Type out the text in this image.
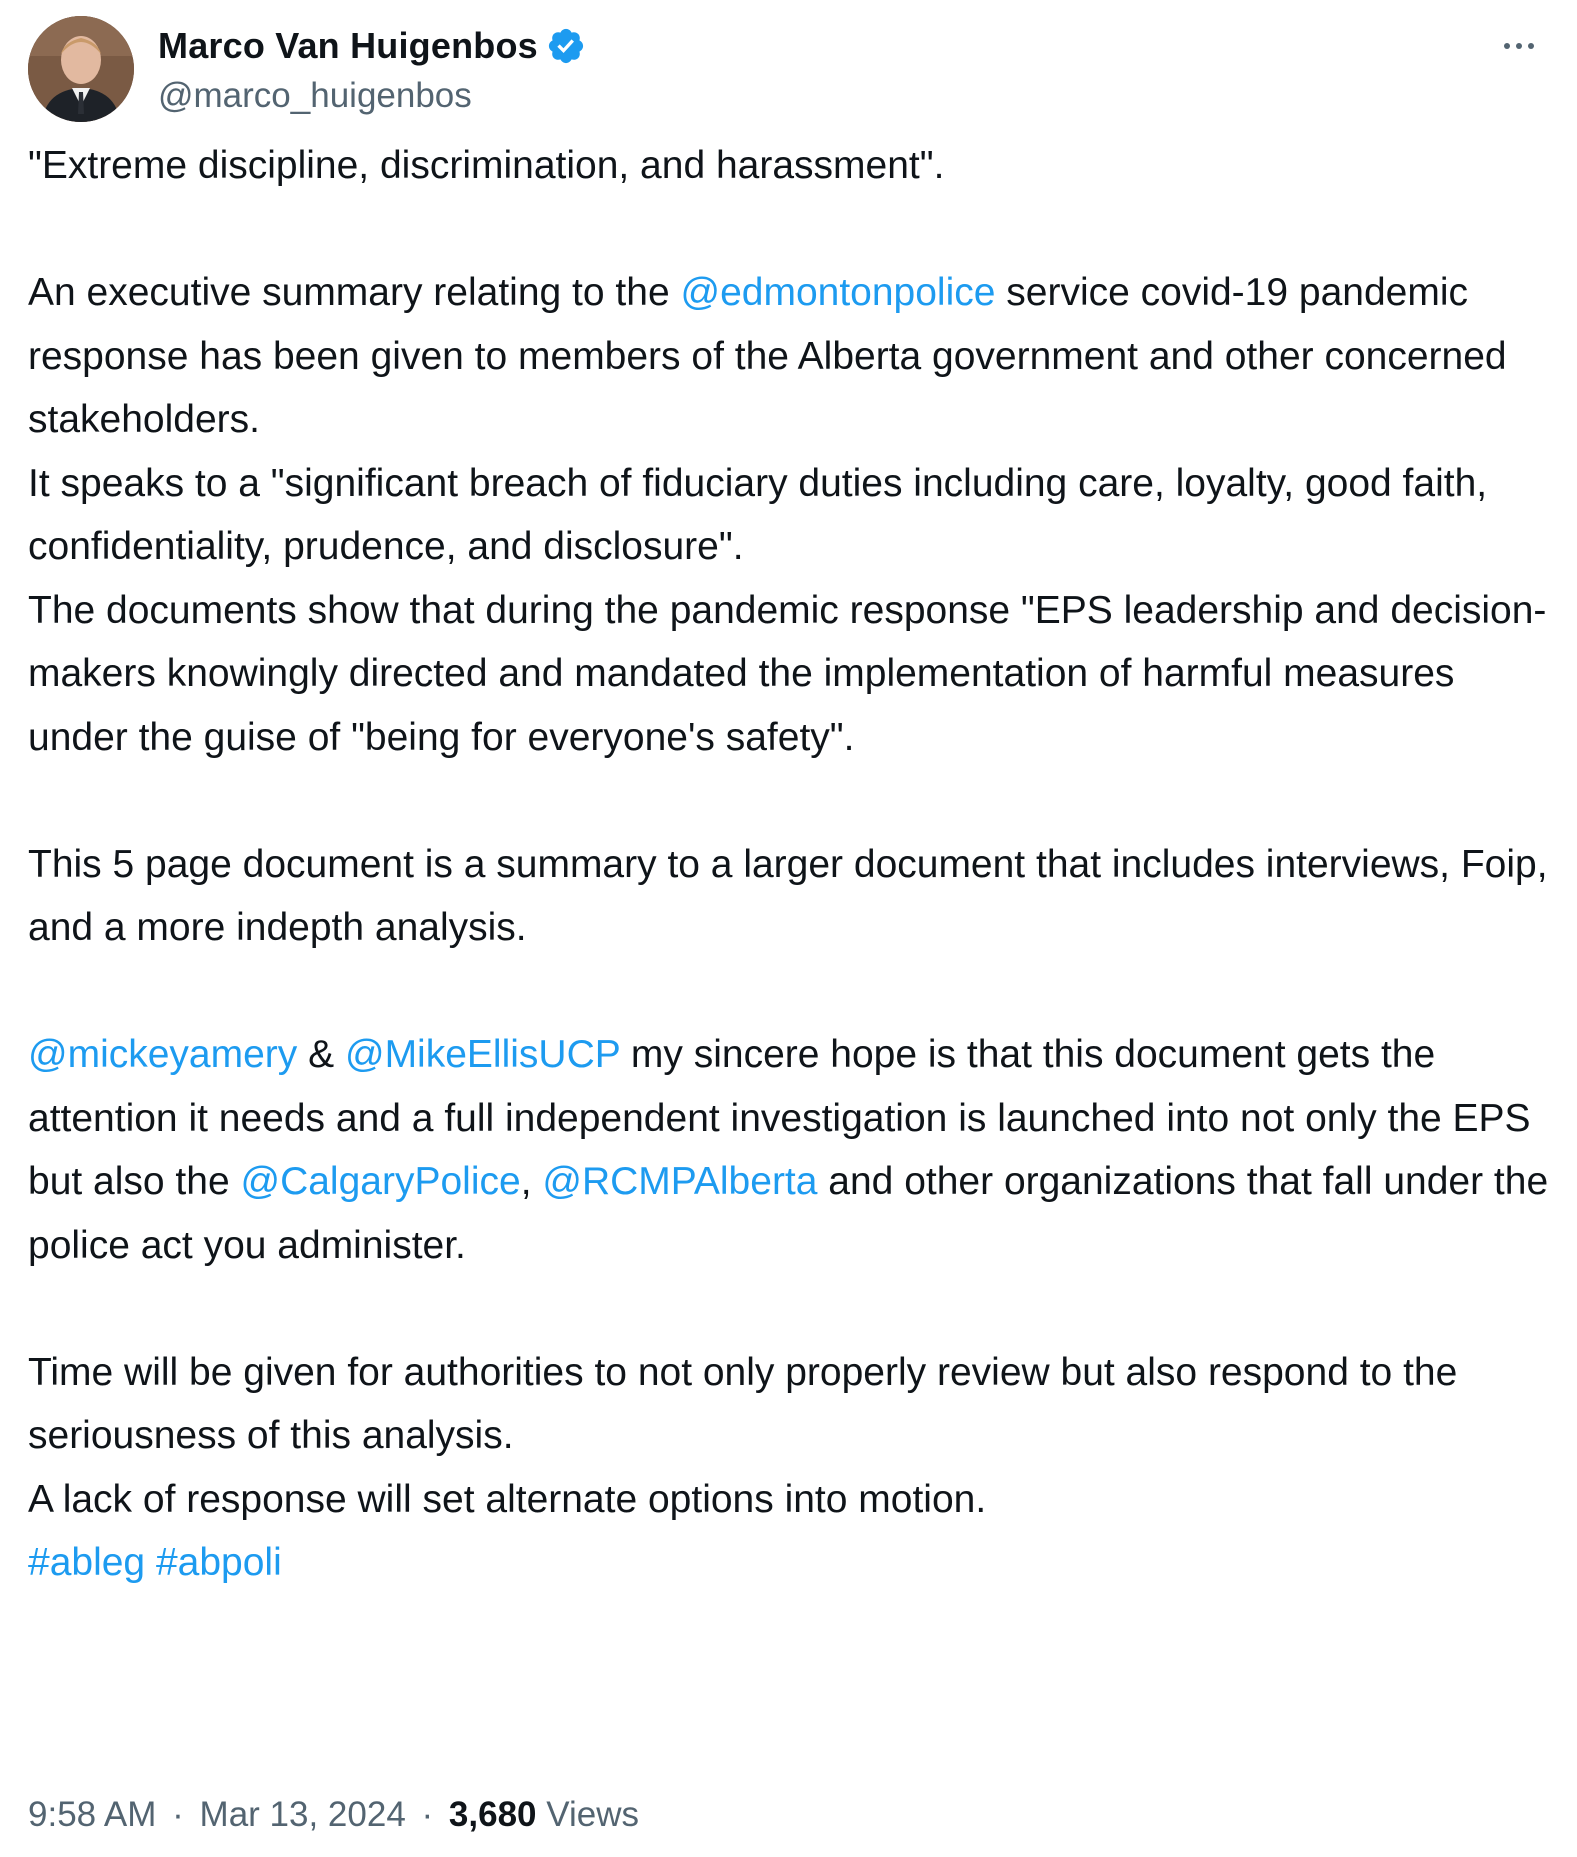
Marco Van Huigenbos
@marco_huigenbos

"Extreme discipline, discrimination, and harassment".

An executive summary relating to the @edmontonpolice service covid-19 pandemic response has been given to members of the Alberta government and other concerned stakeholders.

It speaks to a "significant breach of fiduciary duties including care, loyalty, good faith, confidentiality, prudence, and disclosure".

The documents show that during the pandemic response "EPS leadership and decision-makers knowingly directed and mandated the implementation of harmful measures under the guise of "being for everyone's safety".

This 5 page document is a summary to a larger document that includes interviews, Foip, and a more indepth analysis.

@mickeyamery & @MikeEllisUCP my sincere hope is that this document gets the attention it needs and a full independent investigation is launched into not only the EPS but also the @CalgaryPolice, @RCMPAlberta and other organizations that fall under the police act you administer.

Time will be given for authorities to not only properly review but also respond to the seriousness of this analysis.

A lack of response will set alternate options into motion.

#ableg #abpoli

9:58 AM · Mar 13, 2024 · 3,680 Views
